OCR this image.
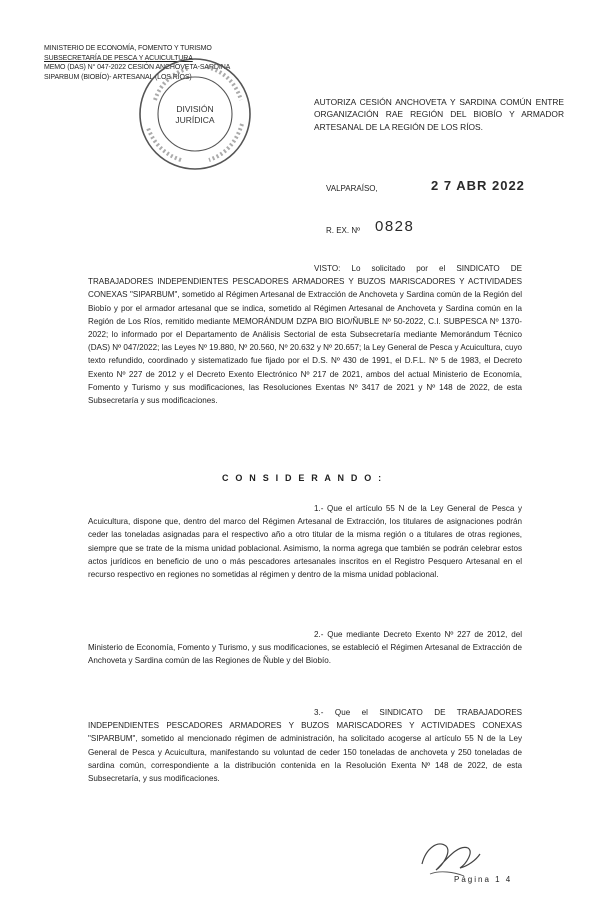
MINISTERIO DE ECONOMÍA, FOMENTO Y TURISMO
SUBSECRETARÍA DE PESCA Y ACUICULTURA
MEMO (DAS) N° 047-2022 CESIÓN ANCHOVETA-SARDINA
SIPARBUM (BIOBÍO)- ARTESANAL (LOS RÍOS)
DIVISIÓN
JURÍDICA
AUTORIZA CESIÓN ANCHOVETA Y SARDINA COMÚN ENTRE ORGANIZACIÓN RAE REGIÓN DEL BIOBÍO Y ARMADOR ARTESANAL DE LA REGIÓN DE LOS RÍOS.
VALPARAÍSO,	2 7 ABR 2022
R. EX. Nº 0828
VISTO: Lo solicitado por el SINDICATO DE TRABAJADORES INDEPENDIENTES PESCADORES ARMADORES Y BUZOS MARISCADORES Y ACTIVIDADES CONEXAS "SIPARBUM", sometido al Régimen Artesanal de Extracción de Anchoveta y Sardina común de la Región del Biobío y por el armador artesanal que se indica, sometido al Régimen Artesanal de Anchoveta y Sardina común en la Región de Los Ríos, remitido mediante MEMORÁNDUM DZPA BIO BIO/ÑUBLE Nº 50-2022, C.I. SUBPESCA Nº 1370-2022; lo informado por el Departamento de Análisis Sectorial de esta Subsecretaría mediante Memorándum Técnico (DAS) Nº 047/2022; las Leyes Nº 19.880, Nº 20.560, Nº 20.632 y Nº 20.657; la Ley General de Pesca y Acuicultura, cuyo texto refundido, coordinado y sistematizado fue fijado por el D.S. Nº 430 de 1991, el D.F.L. Nº 5 de 1983, el Decreto Exento Nº 227 de 2012 y el Decreto Exento Electrónico Nº 217 de 2021, ambos del actual Ministerio de Economía, Fomento y Turismo y sus modificaciones, las Resoluciones Exentas Nº 3417 de 2021 y Nº 148 de 2022, de esta Subsecretaría y sus modificaciones.
C O N S I D E R A N D O :
1.- Que el artículo 55 N de la Ley General de Pesca y Acuicultura, dispone que, dentro del marco del Régimen Artesanal de Extracción, los titulares de asignaciones podrán ceder las toneladas asignadas para el respectivo año a otro titular de la misma región o a titulares de otras regiones, siempre que se trate de la misma unidad poblacional. Asimismo, la norma agrega que también se podrán celebrar estos actos jurídicos en beneficio de uno o más pescadores artesanales inscritos en el Registro Pesquero Artesanal en el recurso respectivo en regiones no sometidas al régimen y dentro de la misma unidad poblacional.
2.- Que mediante Decreto Exento Nº 227 de 2012, del Ministerio de Economía, Fomento y Turismo, y sus modificaciones, se estableció el Régimen Artesanal de Extracción de Anchoveta y Sardina común de las Regiones de Ñuble y del Biobío.
3.- Que el SINDICATO DE TRABAJADORES INDEPENDIENTES PESCADORES ARMADORES Y BUZOS MARISCADORES Y ACTIVIDADES CONEXAS "SIPARBUM", sometido al mencionado régimen de administración, ha solicitado acogerse al artículo 55 N de la Ley General de Pesca y Acuicultura, manifestando su voluntad de ceder 150 toneladas de anchoveta y 250 toneladas de sardina común, correspondiente a la distribución contenida en la Resolución Exenta Nº 148 de 2022, de esta Subsecretaría, y sus modificaciones.
Página 1 4
